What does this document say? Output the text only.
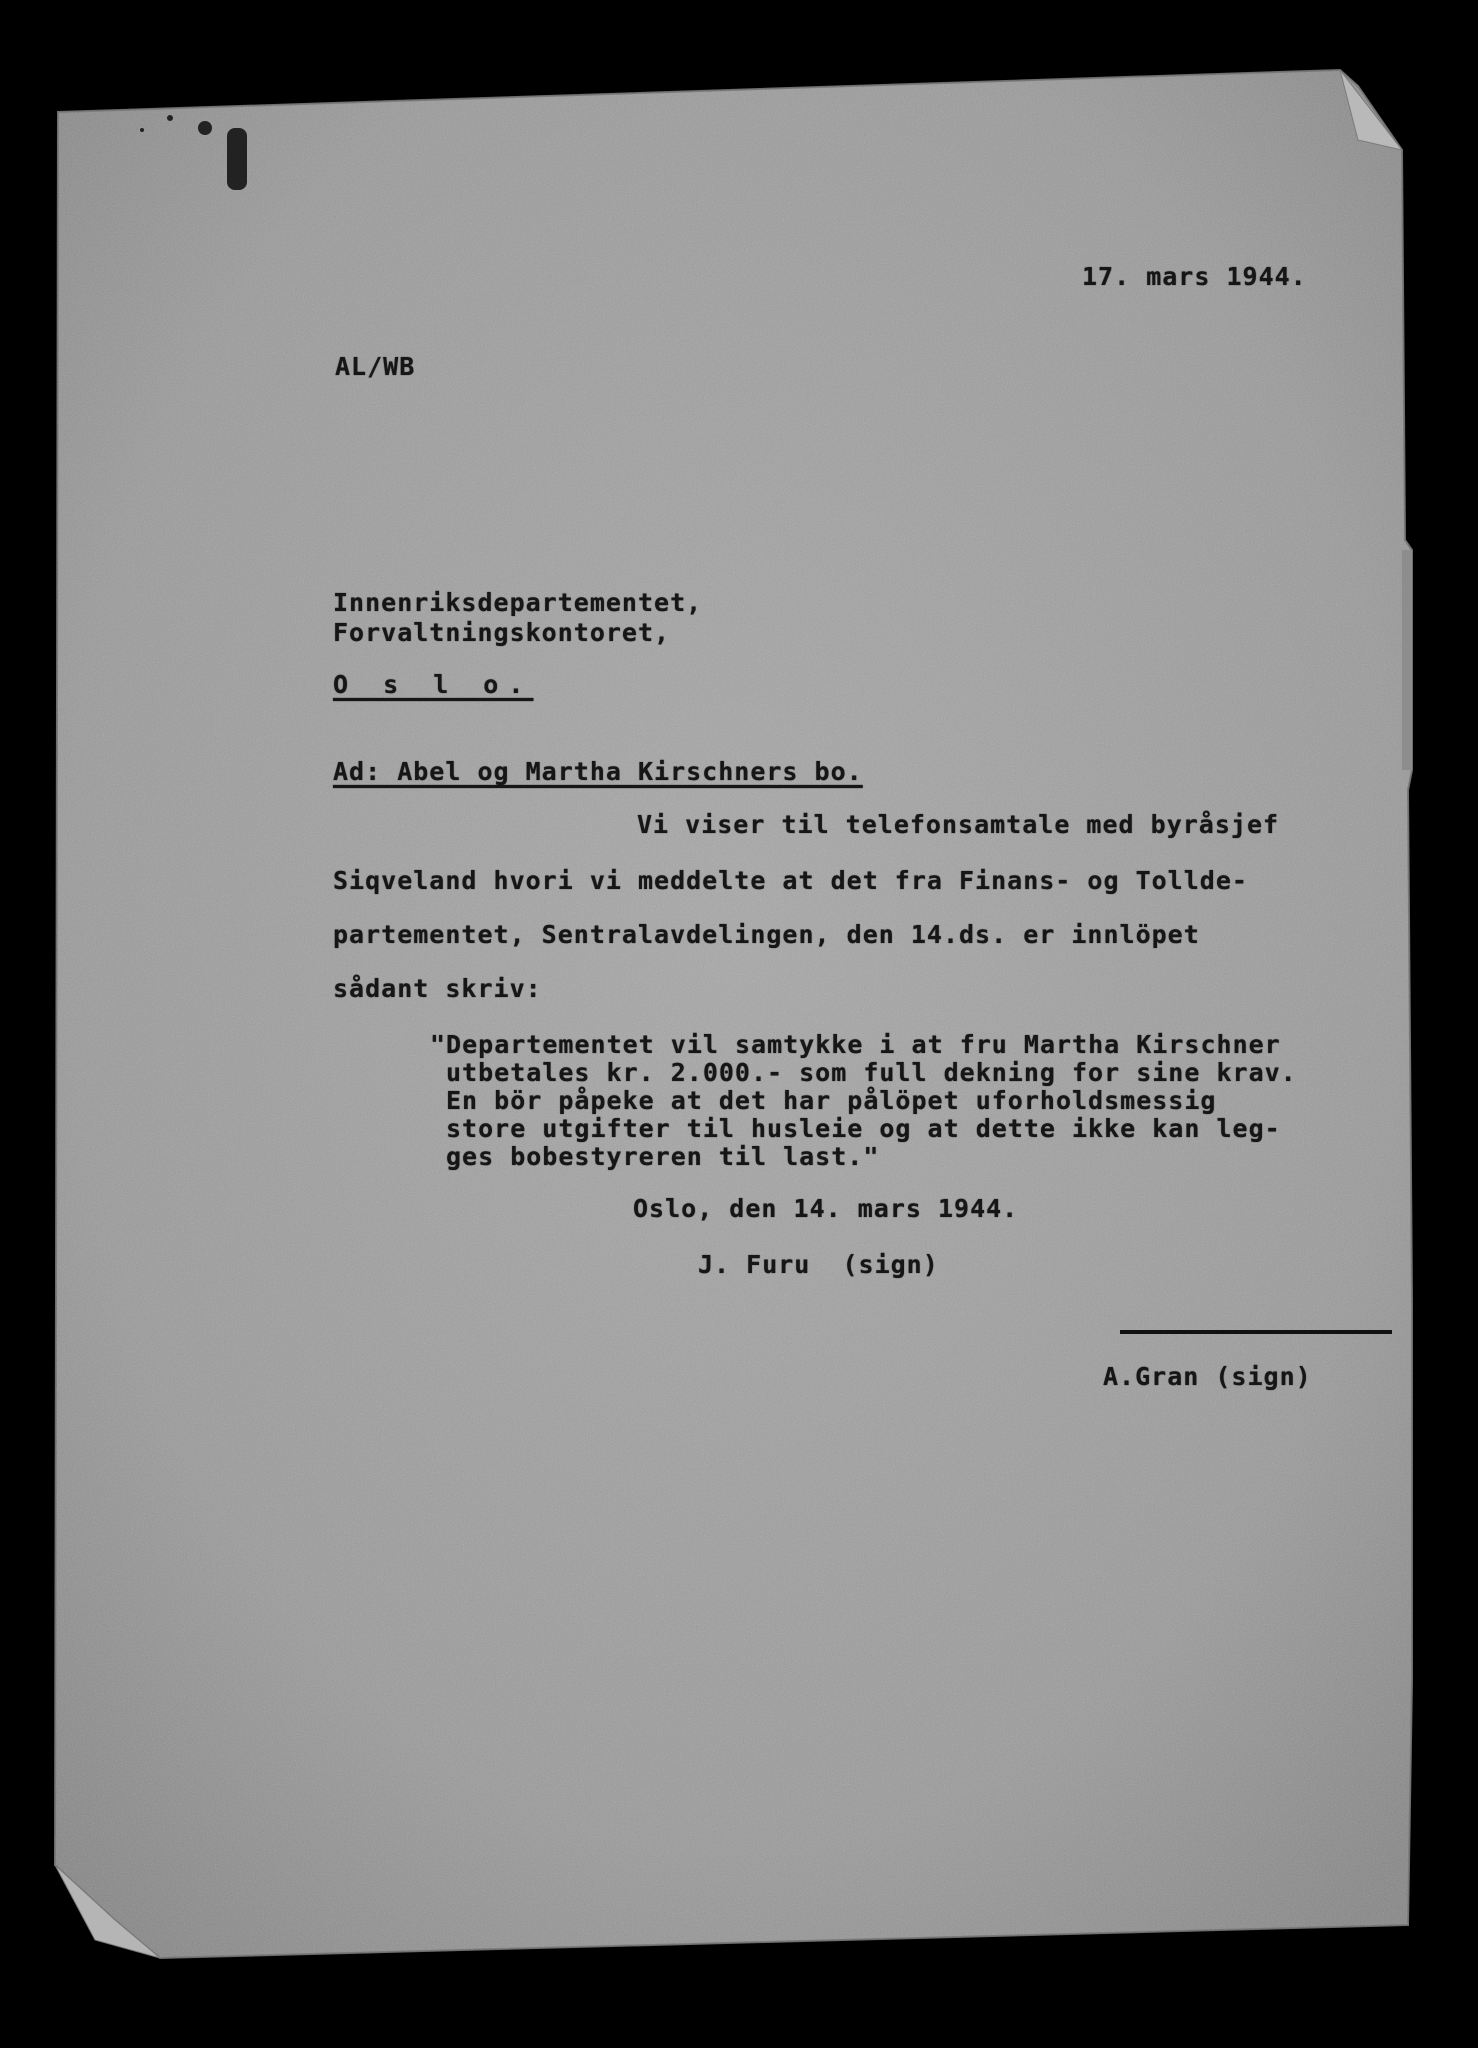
17. mars 1944.
AL/WB
Innenriksdepartementet,
Forvaltningskontoret,
O s l o.
Ad: Abel og Martha Kirschners bo.
Vi viser til telefonsamtale med byråsjef
Siqveland hvori vi meddelte at det fra Finans- og Tollde-
partementet, Sentralavdelingen, den 14.ds. er innlöpet
sådant skriv:
"Departementet vil samtykke i at fru Martha Kirschner
utbetales kr. 2.000.- som full dekning for sine krav.
En bör påpeke at det har pålöpet uforholdsmessig
store utgifter til husleie og at dette ikke kan leg-
ges bobestyreren til last."
Oslo, den 14. mars 1944.
J. Furu  (sign)
A.Gran (sign)
